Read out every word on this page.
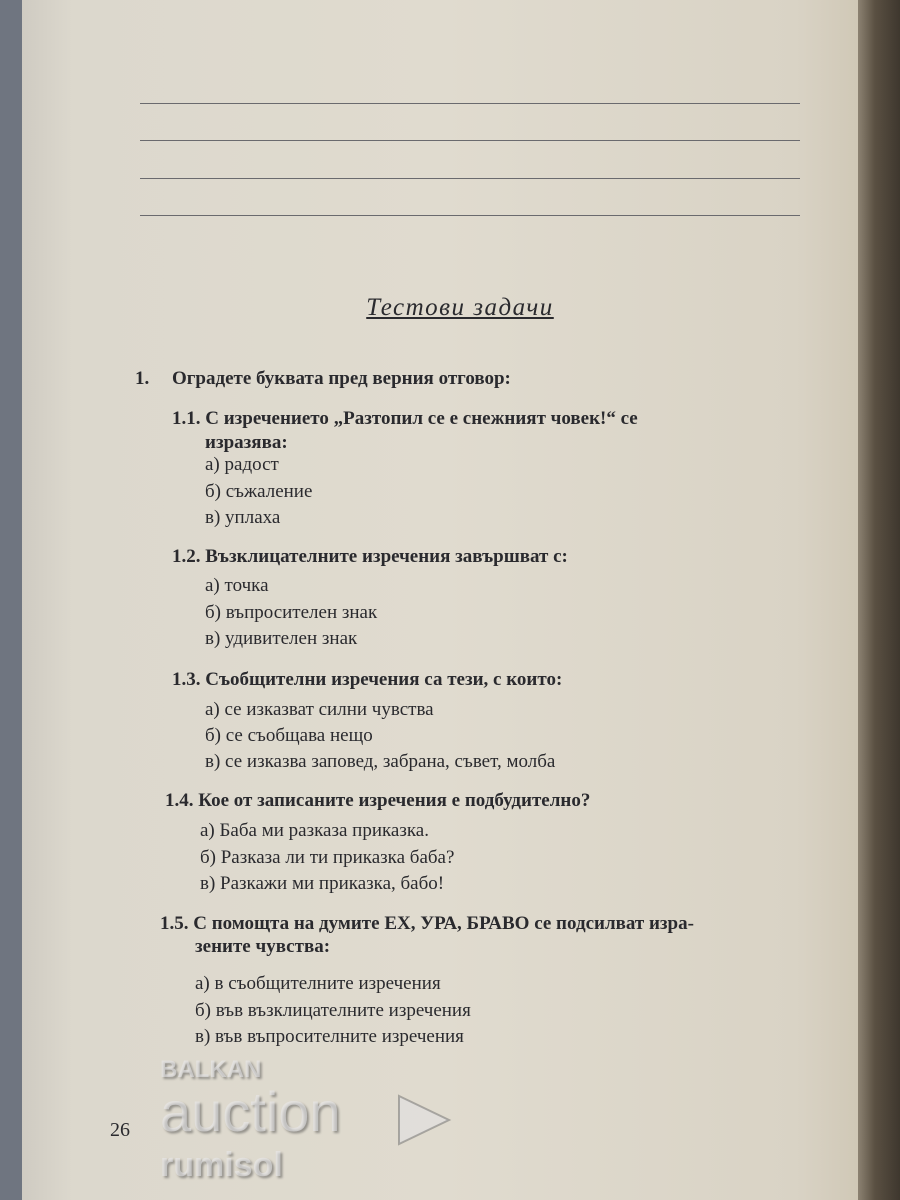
Тестови задачи
1. Оградете буквата пред верния отговор:
1.1. С изречението „Разтопил се е снежният човек!“ се
изразява:
а) радост
б) съжаление
в) уплаха
1.2. Възклицателните изречения завършват с:
а) точка
б) въпросителен знак
в) удивителен знак
1.3. Съобщителни изречения са тези, с които:
а) се изказват силни чувства
б) се съобщава нещо
в) се изказва заповед, забрана, съвет, молба
1.4. Кое от записаните изречения е подбудително?
а) Баба ми разказа приказка.
б) Разказа ли ти приказка баба?
в) Разкажи ми приказка, бабо!
1.5. С помощта на думите ЕХ, УРА, БРАВО се подсилват изра-
зените чувства:
а) в съобщителните изречения
б) във възклицателните изречения
в) във въпросителните изречения
26
BALKAN
auction
rumisol
